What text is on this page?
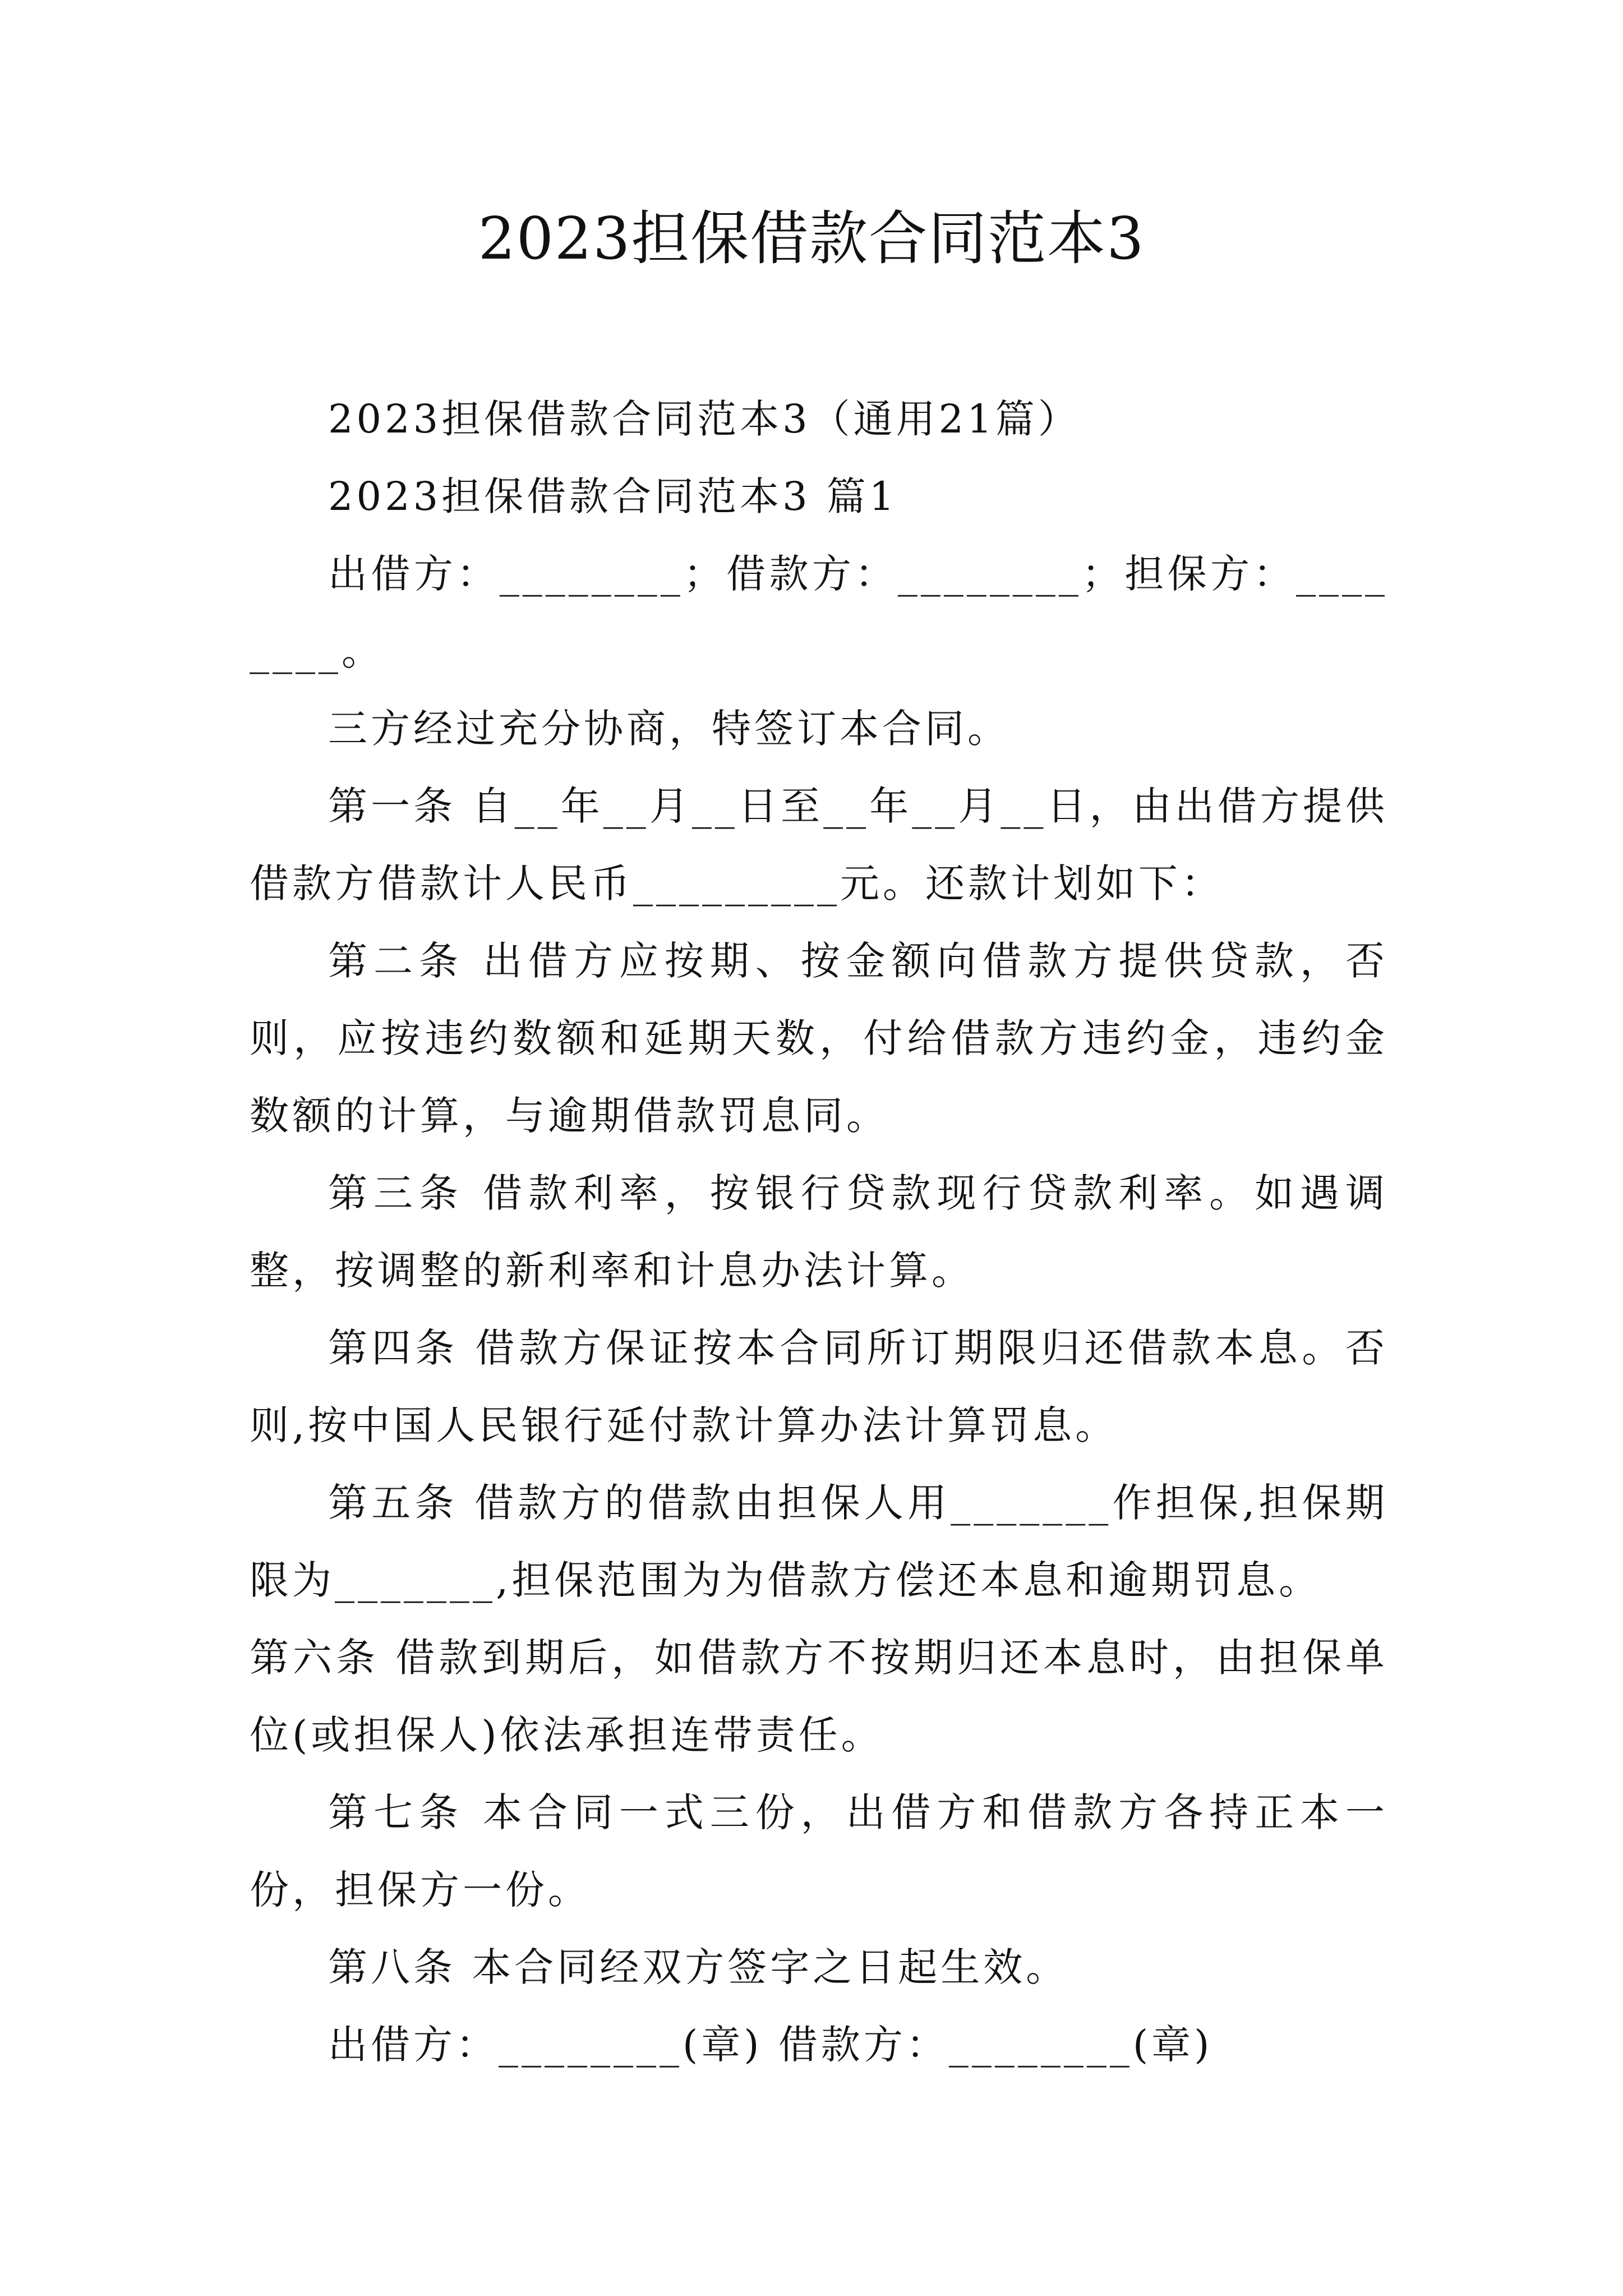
2023担保借款合同范本3

2023担保借款合同范本3（通用21篇）

2023担保借款合同范本3 篇1

出借方：________；借款方：________；担保方：________。

三方经过充分协商，特签订本合同。

第一条 自__年__月__日至__年__月__日，由出借方提供借款方借款计人民币_________元。还款计划如下：

第二条 出借方应按期、按金额向借款方提供贷款，否则，应按违约数额和延期天数，付给借款方违约金，违约金数额的计算，与逾期借款罚息同。

第三条 借款利率，按银行贷款现行贷款利率。如遇调整，按调整的新利率和计息办法计算。

第四条 借款方保证按本合同所订期限归还借款本息。否则,按中国人民银行延付款计算办法计算罚息。

第五条 借款方的借款由担保人用_______作担保,担保期限为_______,担保范围为为借款方偿还本息和逾期罚息。

第六条 借款到期后，如借款方不按期归还本息时，由担保单位(或担保人)依法承担连带责任。

第七条 本合同一式三份，出借方和借款方各持正本一份，担保方一份。

第八条 本合同经双方签字之日起生效。

出借方：________(章) 借款方：________(章)
